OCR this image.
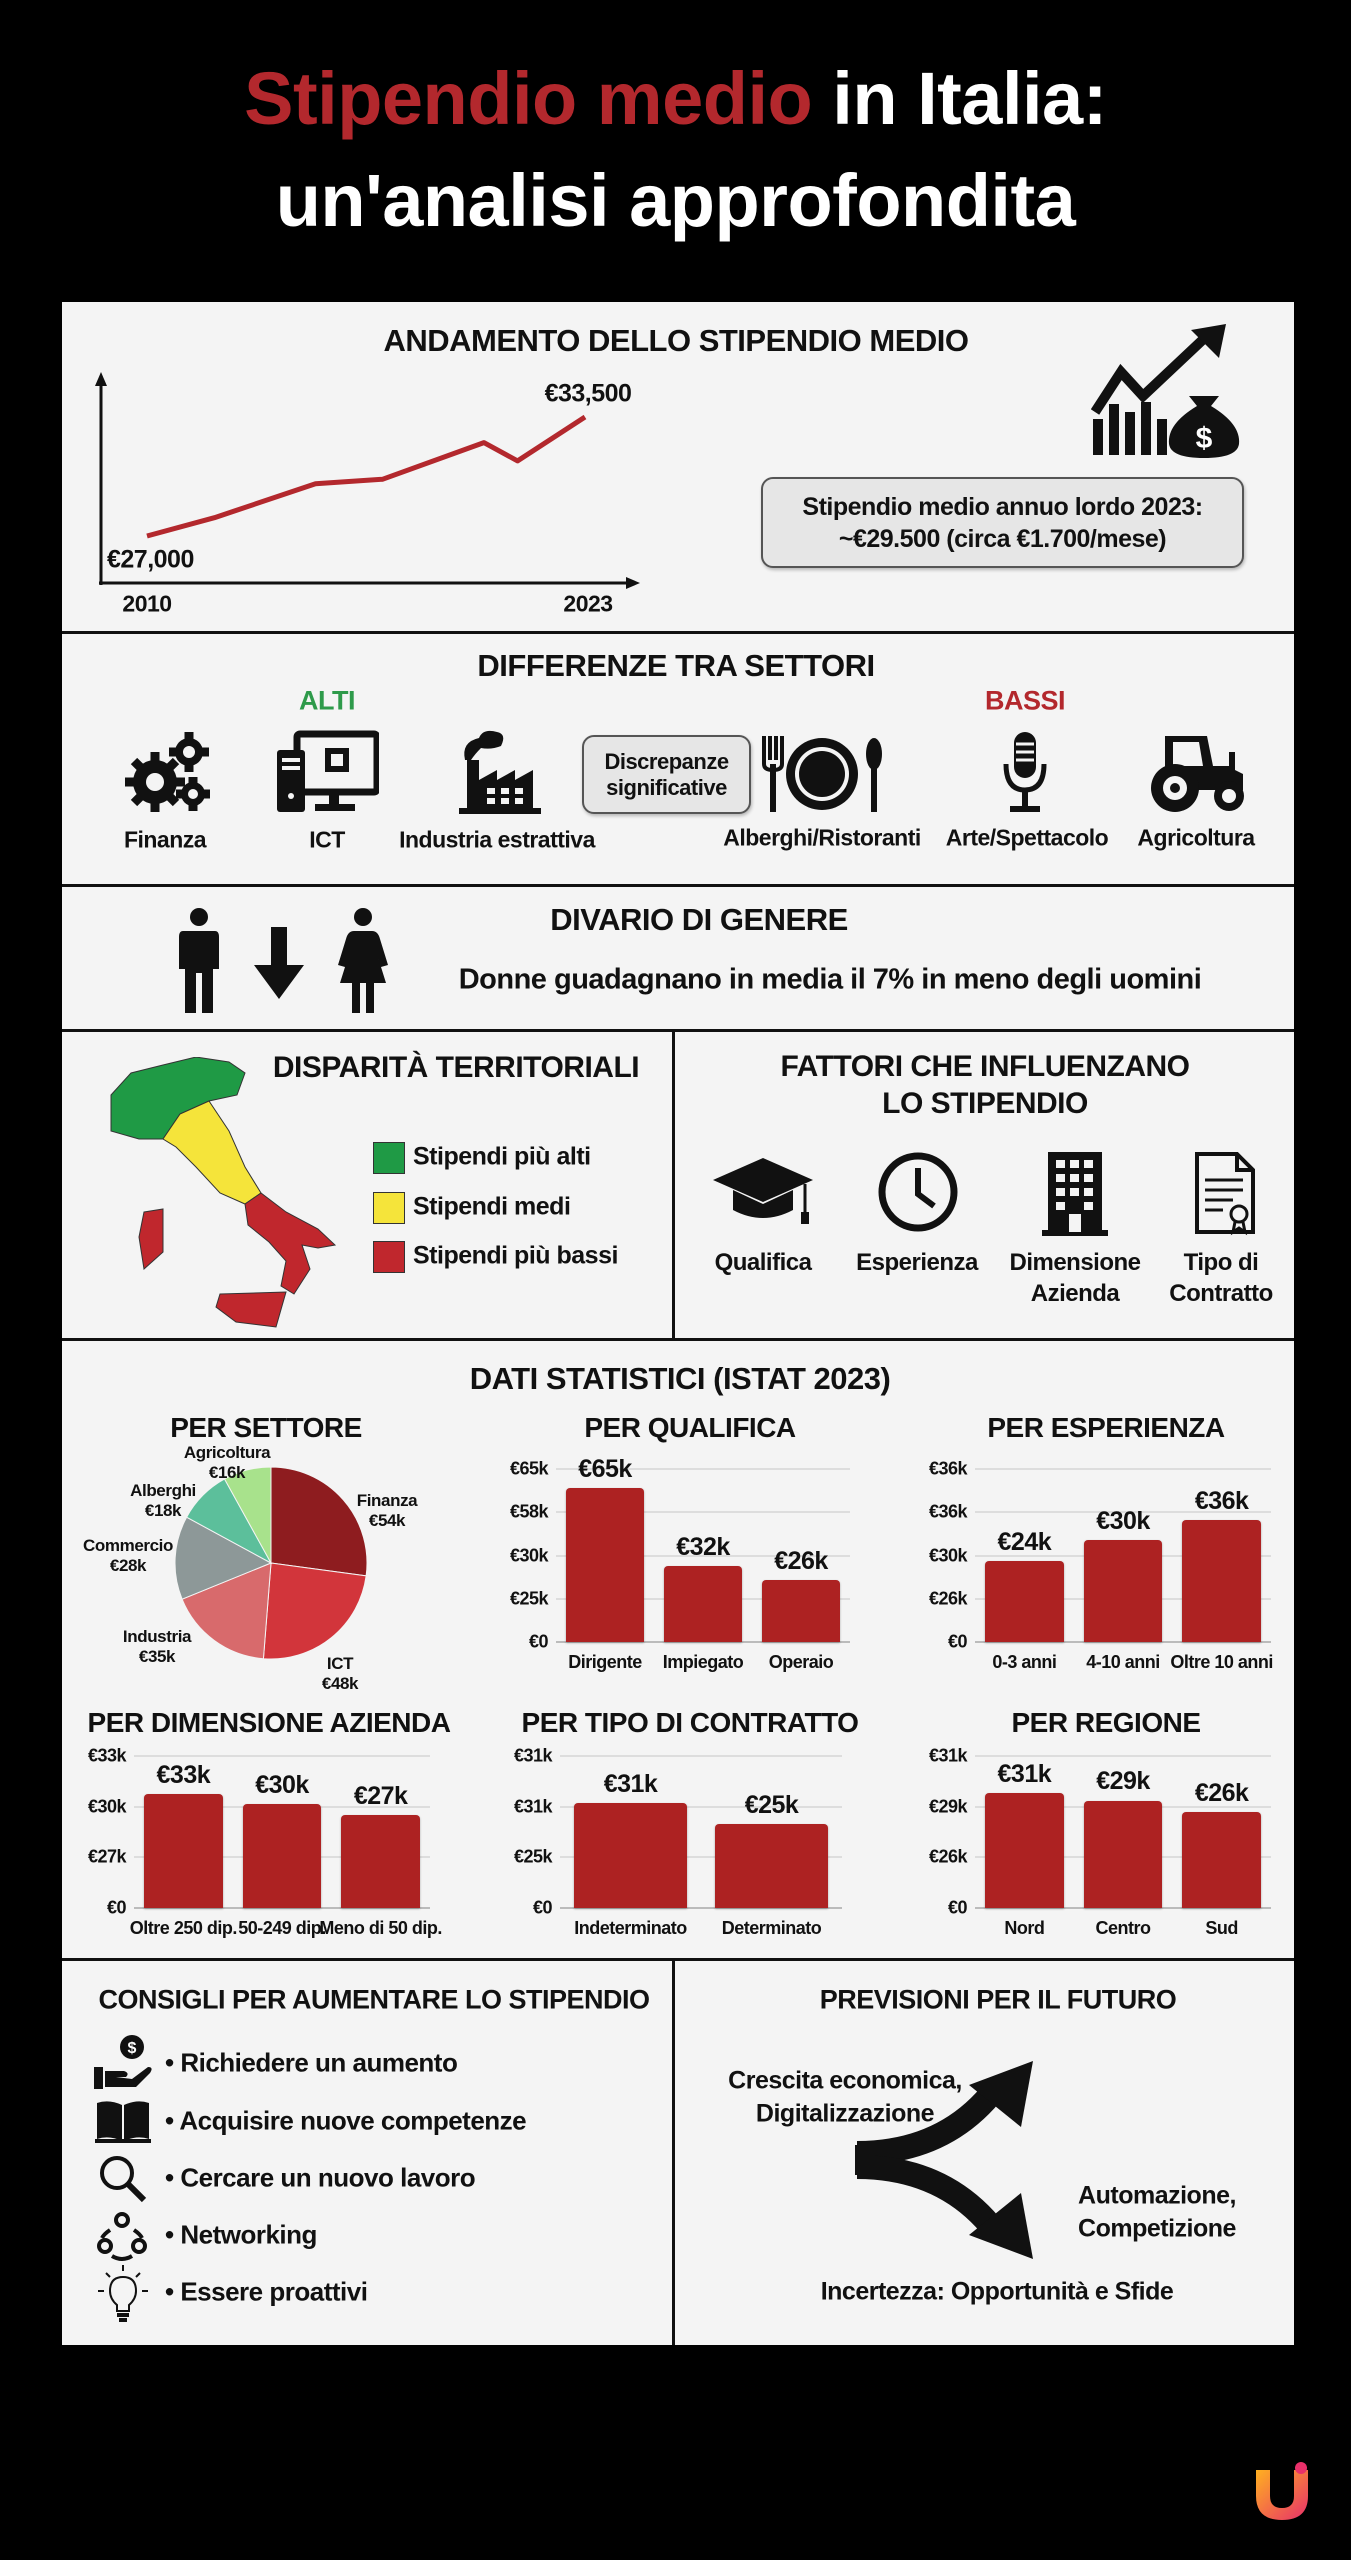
Stipendio medio in Italia:
un'analisi approfondita
ANDAMENTO DELLO STIPENDIO MEDIO
€33,500
€27,000
2010	2023
$
Stipendio medio annuo lordo 2023:
~€29.500 (circa €1.700/mese)
DIFFERENZE TRA SETTORI
ALTI	BASSI
Discrepanze
significative
Finanza	ICT Industria estrattiva	Alberghi/Ristoranti Arte/Spettacolo Agricoltura
DIVARIO DI GENERE
Donne guadagnano in media il 7% in meno degli uomini
DISPARITÀ TERRITORIALI
Stipendi più alti
Stipendi medi
Stipendi più bassi
FATTORI CHE INFLUENZANO
LO STIPENDIO
Qualifica Esperienza Dimensione
Azienda
Tipo di
Contratto
DATI STATISTICI (ISTAT 2023)
PER SETTORE	PER QUALIFICA	PER ESPERIENZA
PER DIMENSIONE AZIENDA	PER TIPO DI CONTRATTO	PER REGIONE
Finanza
€54k
ICT
€48k
Industria
€35k
Commercio
€28k
Alberghi
€18k
Agricoltura
€16k
€0
€25k
€30k
€58k
€65k €65k
Dirigente
€32k
Impiegato
€26k
Operaio
€0
€26k
€30k
€36k
€36k
€24k
0-3 anni
€30k
4-10 anni
€36k
Oltre 10 anni
€0
€27k
€30k
€33k
€33k
Oltre 250 dip.
€30k
50-249 dip.
€27k
Meno di 50 dip.
€0
€25k
€31k
€31k
€31k
Indeterminato
€25k
Determinato
€0
€26k
€29k
€31k
€31k
Nord
€29k
Centro
€26k
Sud
CONSIGLI PER AUMENTARE LO STIPENDIO
$ • Richiedere un aumento
• Acquisire nuove competenze
• Cercare un nuovo lavoro
• Networking
• Essere proattivi
PREVISIONI PER IL FUTURO
Crescita economica,
Digitalizzazione
Automazione,
Competizione
Incertezza: Opportunità e Sfide
